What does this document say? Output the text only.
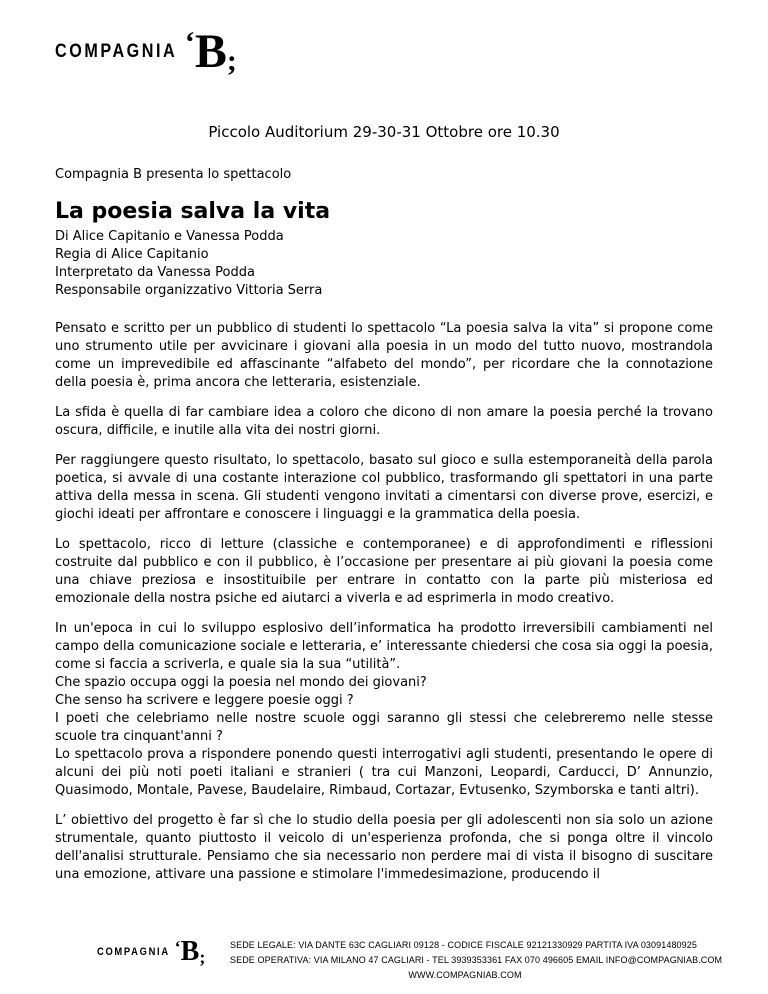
COMPAGNIA ‘ B ;
Piccolo Auditorium 29-30-31 Ottobre ore 10.30
Compagnia B presenta lo spettacolo
La poesia salva la vita
Di Alice Capitanio e Vanessa Podda
Regia di Alice Capitanio
Interpretato da Vanessa Podda
Responsabile organizzativo Vittoria Serra

Pensato e scritto per un pubblico di studenti lo spettacolo “La poesia salva la vita” si propone come uno strumento utile per avvicinare i giovani alla poesia in un modo del tutto nuovo, mostrandola come un imprevedibile ed affascinante “alfabeto del mondo”, per ricordare che la connotazione della poesia è, prima ancora che letteraria, esistenziale.

La sfida è quella di far cambiare idea a coloro che dicono di non amare la poesia perché la trovano oscura, difficile, e inutile alla vita dei nostri giorni.

Per raggiungere questo risultato, lo spettacolo, basato sul gioco e sulla estemporaneità della parola poetica, si avvale di una costante interazione col pubblico, trasformando gli spettatori in una parte attiva della messa in scena. Gli studenti vengono invitati a cimentarsi con diverse prove, esercizi, e giochi ideati per affrontare e conoscere i linguaggi e la grammatica della poesia.

Lo spettacolo, ricco di letture (classiche e contemporanee) e di approfondimenti e riflessioni costruite dal pubblico e con il pubblico, è l’occasione per presentare ai più giovani la poesia come una chiave preziosa e insostituibile per entrare in contatto con la parte più misteriosa ed emozionale della nostra psiche ed aiutarci a viverla e ad esprimerla in modo creativo.

In un'epoca in cui lo sviluppo esplosivo dell’informatica ha prodotto irreversibili cambiamenti nel campo della comunicazione sociale e letteraria, e’ interessante chiedersi che cosa sia oggi la poesia, come si faccia a scriverla, e quale sia la sua “utilità”.
Che spazio occupa oggi la poesia nel mondo dei giovani?
Che senso ha scrivere e leggere poesie oggi ?
I poeti che celebriamo nelle nostre scuole oggi saranno gli stessi che celebreremo nelle stesse scuole tra cinquant'anni ?
Lo spettacolo prova a rispondere ponendo questi interrogativi agli studenti, presentando le opere di alcuni dei più noti poeti italiani e stranieri ( tra cui Manzoni, Leopardi, Carducci, D’ Annunzio, Quasimodo, Montale, Pavese, Baudelaire, Rimbaud, Cortazar, Evtusenko, Szymborska e tanti altri).

L’ obiettivo del progetto è far sì che lo studio della poesia per gli adolescenti non sia solo un azione strumentale, quanto piuttosto il veicolo di un'esperienza profonda, che si ponga oltre il vincolo dell'analisi strutturale. Pensiamo che sia necessario non perdere mai di vista il bisogno di suscitare una emozione, attivare una passione e stimolare l'immedesimazione, producendo il

COMPAGNIA ‘ B ;
SEDE LEGALE: VIA DANTE 63C CAGLIARI 09128 - CODICE FISCALE 92121330929 PARTITA IVA 03091480925
SEDE OPERATIVA: VIA MILANO 47 CAGLIARI - TEL 3939353361 FAX 070 496605 EMAIL INFO@COMPAGNIAB.COM
WWW.COMPAGNIAB.COM
